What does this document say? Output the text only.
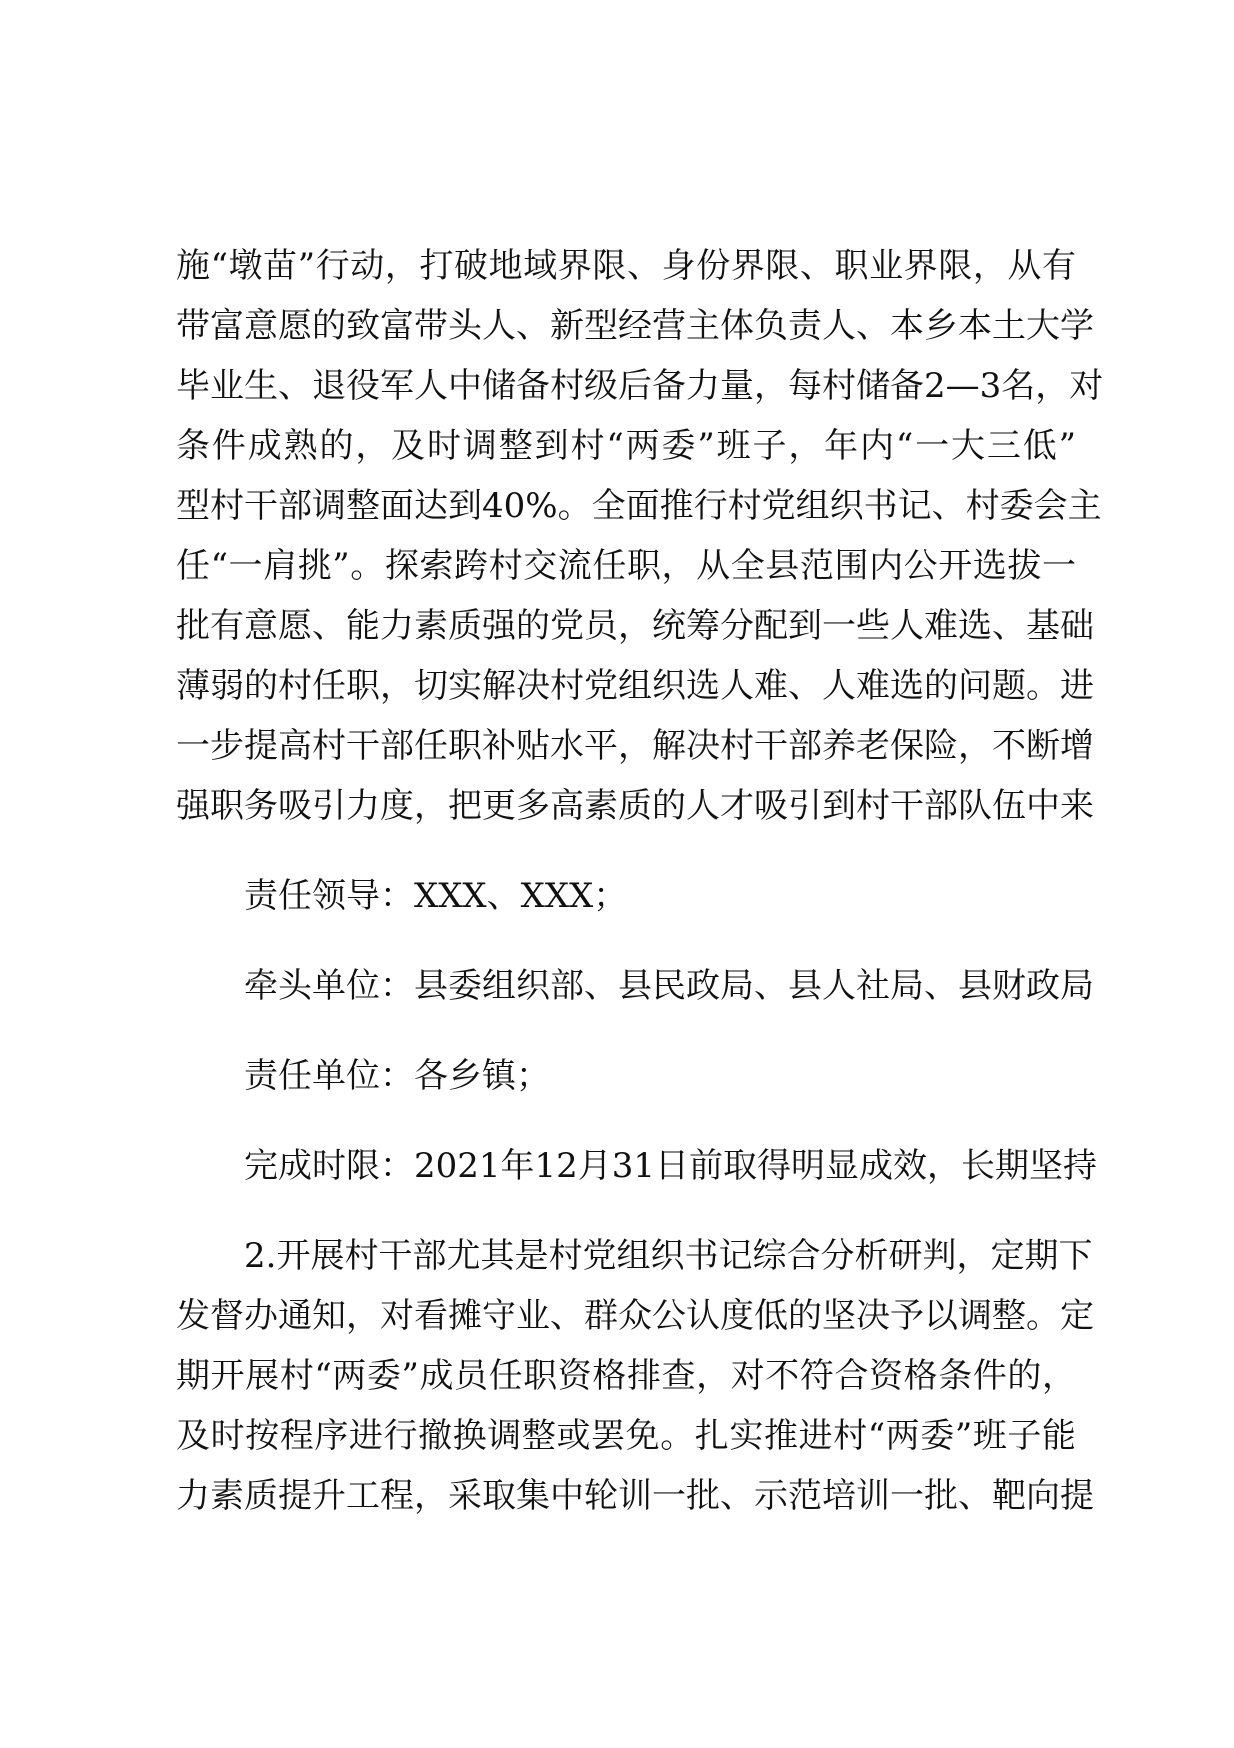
施“墩苗”行动，打破地域界限、身份界限、职业界限，从有
带富意愿的致富带头人、新型经营主体负责人、本乡本土大学
毕业生、退役军人中储备村级后备力量，每村储备2—3名，对
条件成熟的，及时调整到村“两委”班子，年内“一大三低”
型村干部调整面达到40%。全面推行村党组织书记、村委会主
任“一肩挑”。探索跨村交流任职，从全县范围内公开选拔一
批有意愿、能力素质强的党员，统筹分配到一些人难选、基础
薄弱的村任职，切实解决村党组织选人难、人难选的问题。进
一步提高村干部任职补贴水平，解决村干部养老保险，不断增
强职务吸引力度，把更多高素质的人才吸引到村干部队伍中来
责任领导：XXX、XXX；
牵头单位：县委组织部、县民政局、县人社局、县财政局
责任单位：各乡镇；
完成时限：2021年12月31日前取得明显成效，长期坚持
2.开展村干部尤其是村党组织书记综合分析研判，定期下
发督办通知，对看摊守业、群众公认度低的坚决予以调整。定
期开展村“两委”成员任职资格排查，对不符合资格条件的，
及时按程序进行撤换调整或罢免。扎实推进村“两委”班子能
力素质提升工程，采取集中轮训一批、示范培训一批、靶向提
